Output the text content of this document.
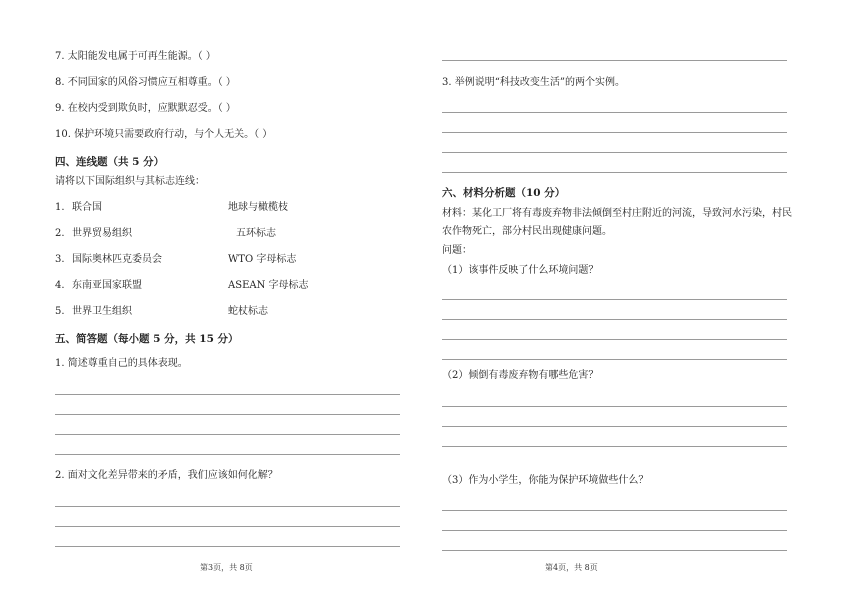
7. 太阳能发电属于可再生能源。（ ）
8. 不同国家的风俗习惯应互相尊重。（ ）
9. 在校内受到欺负时，应默默忍受。（ ）
10. 保护环境只需要政府行动，与个人无关。（ ）
四、连线题（共 5 分）
请将以下国际组织与其标志连线：
1. 联合国	地球与橄榄枝
2. 世界贸易组织	五环标志
3. 国际奥林匹克委员会	WTO 字母标志
4. 东南亚国家联盟	ASEAN 字母标志
5. 世界卫生组织	蛇杖标志
五、简答题（每小题 5 分，共 15 分）
1. 简述尊重自己的具体表现。
2. 面对文化差异带来的矛盾，我们应该如何化解？
第3页，共 8页
3. 举例说明“科技改变生活”的两个实例。
六、材料分析题（10 分）
材料：某化工厂将有毒废弃物非法倾倒至村庄附近的河流，导致河水污染，村民
农作物死亡，部分村民出现健康问题。
问题：
（1）该事件反映了什么环境问题？
（2）倾倒有毒废弃物有哪些危害？
（3）作为小学生，你能为保护环境做些什么？
第4页，共 8页
